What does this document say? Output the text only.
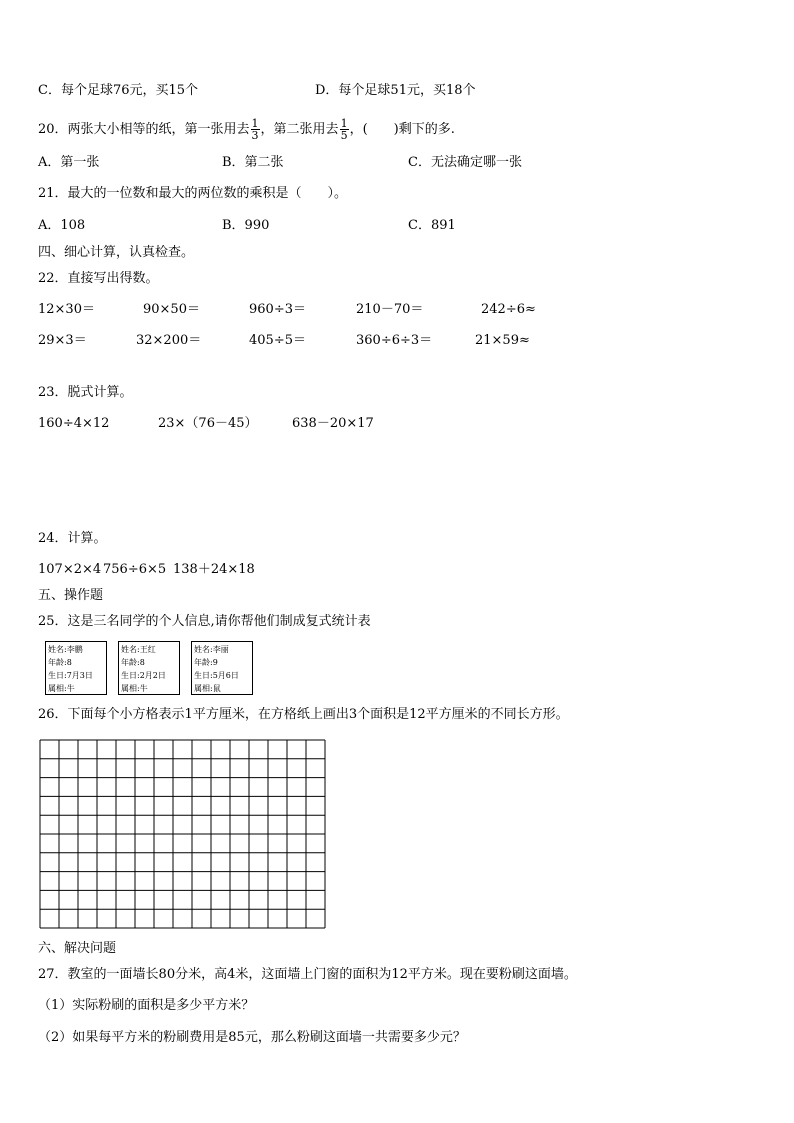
C．每个足球76元，买15个	D．每个足球51元，买18个
20．两张大小相等的纸，第一张用去 $\frac{1}{3}$ ，第二张用去 $\frac{1}{5}$ ，(　　)剩下的多.
A．第一张	B．第二张	C．无法确定哪一张
21．最大的一位数和最大的两位数的乘积是（　　）。
A．108	B．990	C．891
四、细心计算，认真检查。
22．直接写出得数。
12×30＝	90×50＝	960÷3＝	210－70＝	242÷6≈
29×3＝	32×200＝	405÷5＝	360÷6÷3＝	21×59≈
23．脱式计算。
160÷4×12	23×（76－45）	638－20×17
24．计算。
107×2×4 756÷6×5 138＋24×18
五、操作题
25．这是三名同学的个人信息,请你帮他们制成复式统计表
姓名:李鹏
年龄:8
生日:7月3日
属相:牛
姓名:王红
年龄:8
生日:2月2日
属相:牛
姓名:李丽
年龄:9
生日:5月6日
属相:鼠
26．下面每个小方格表示1平方厘米，在方格纸上画出3个面积是12平方厘米的不同长方形。
六、解决问题
27．教室的一面墙长80分米，高4米，这面墙上门窗的面积为12平方米。现在要粉刷这面墙。
（1）实际粉刷的面积是多少平方米？
（2）如果每平方米的粉刷费用是85元，那么粉刷这面墙一共需要多少元？
